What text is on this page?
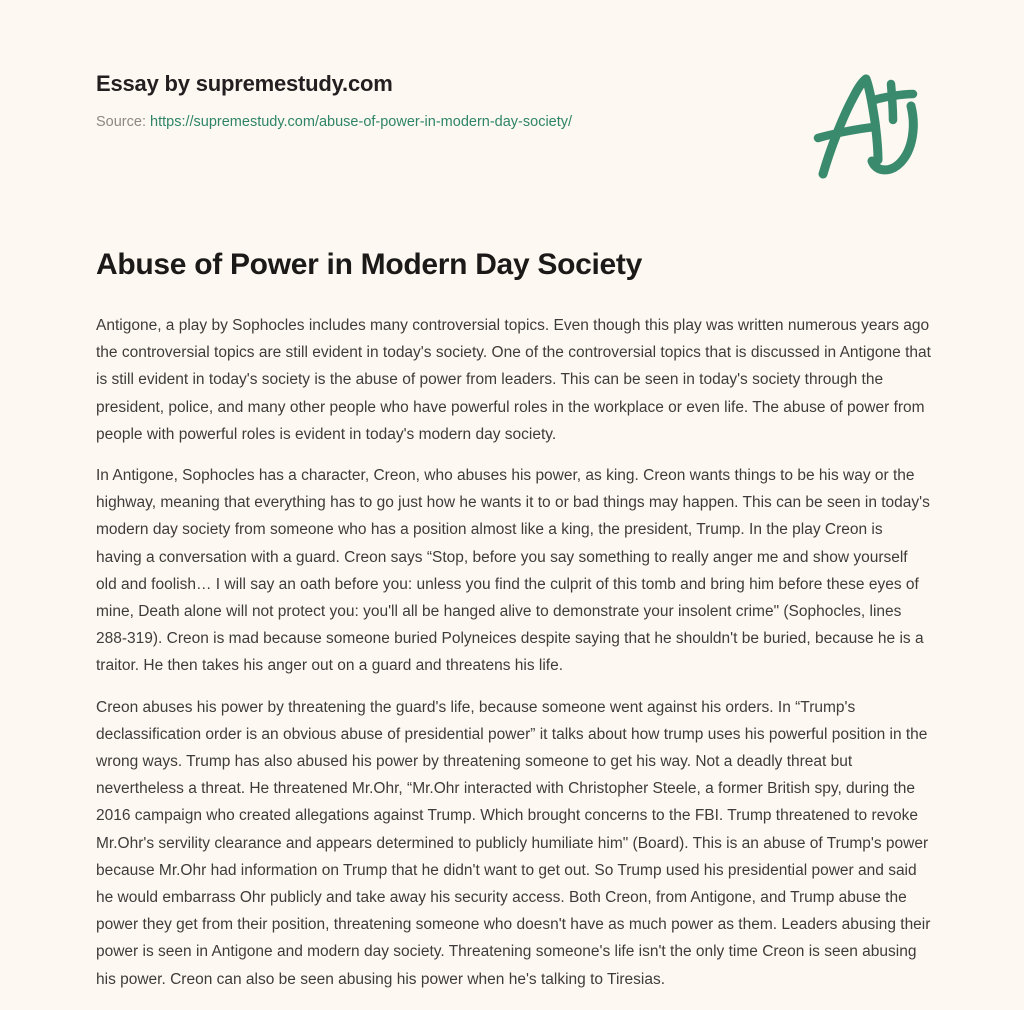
Essay by supremestudy.com
Source: https://supremestudy.com/abuse-of-power-in-modern-day-society/
Abuse of Power in Modern Day Society

Antigone, a play by Sophocles includes many controversial topics. Even though this play was written numerous years ago the controversial topics are still evident in today's society. One of the controversial topics that is discussed in Antigone that is still evident in today's society is the abuse of power from leaders. This can be seen in today's society through the president, police, and many other people who have powerful roles in the workplace or even life. The abuse of power from people with powerful roles is evident in today's modern day society.

In Antigone, Sophocles has a character, Creon, who abuses his power, as king. Creon wants things to be his way or the highway, meaning that everything has to go just how he wants it to or bad things may happen. This can be seen in today's modern day society from someone who has a position almost like a king, the president, Trump. In the play Creon is having a conversation with a guard. Creon says “Stop, before you say something to really anger me and show yourself old and foolish… I will say an oath before you: unless you find the culprit of this tomb and bring him before these eyes of mine, Death alone will not protect you: you'll all be hanged alive to demonstrate your insolent crime" (Sophocles, lines 288-319). Creon is mad because someone buried Polyneices despite saying that he shouldn't be buried, because he is a traitor. He then takes his anger out on a guard and threatens his life.

Creon abuses his power by threatening the guard's life, because someone went against his orders. In “Trump's declassification order is an obvious abuse of presidential power” it talks about how trump uses his powerful position in the wrong ways. Trump has also abused his power by threatening someone to get his way. Not a deadly threat but nevertheless a threat. He threatened Mr.Ohr, “Mr.Ohr interacted with Christopher Steele, a former British spy, during the 2016 campaign who created allegations against Trump. Which brought concerns to the FBI. Trump threatened to revoke Mr.Ohr's servility clearance and appears determined to publicly humiliate him" (Board). This is an abuse of Trump's power because Mr.Ohr had information on Trump that he didn't want to get out. So Trump used his presidential power and said he would embarrass Ohr publicly and take away his security access. Both Creon, from Antigone, and Trump abuse the power they get from their position, threatening someone who doesn't have as much power as them. Leaders abusing their power is seen in Antigone and modern day society. Threatening someone's life isn't the only time Creon is seen abusing his power. Creon can also be seen abusing his power when he's talking to Tiresias.
